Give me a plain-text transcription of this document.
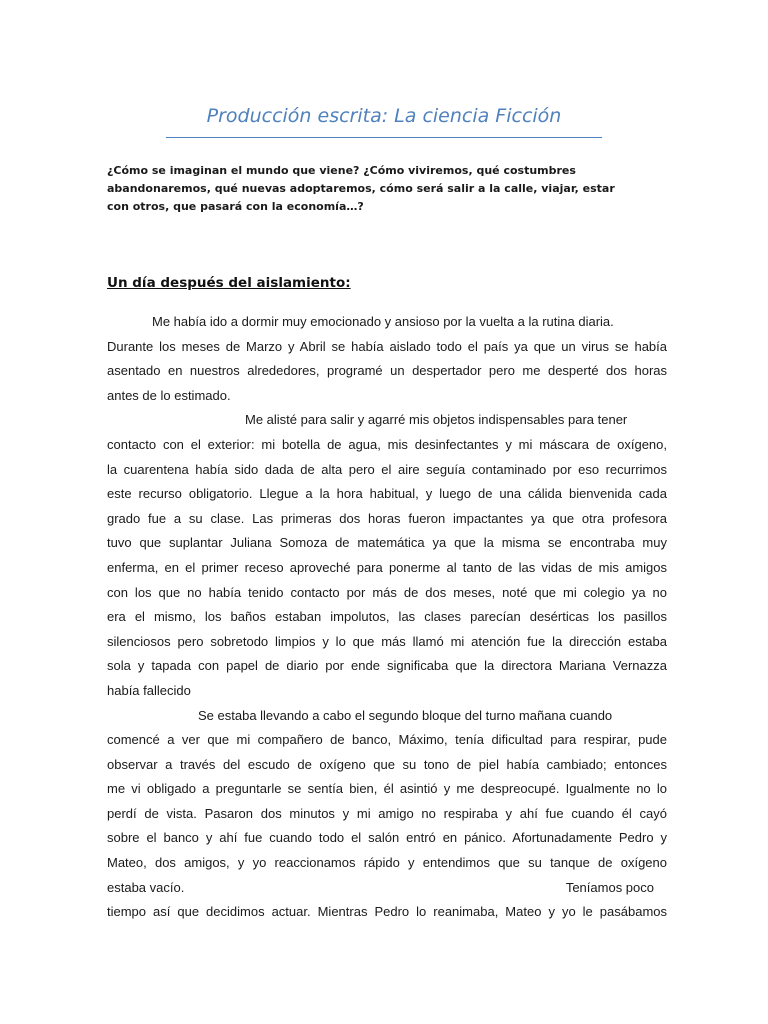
Producción escrita: La ciencia Ficción
¿Cómo se imaginan el mundo que viene? ¿Cómo viviremos, qué costumbres abandonaremos, qué nuevas adoptaremos, cómo será salir a la calle, viajar, estar con otros, que pasará con la economía…?
Un día después del aislamiento:
Me había ido a dormir muy emocionado y ansioso por la vuelta a la rutina diaria.
Durante los meses de Marzo y Abril se había aislado todo el país ya que un virus se había
asentado en nuestros alrededores, programé un despertador pero me desperté dos horas
antes de lo estimado.
Me alisté para salir y agarré mis objetos indispensables para tener
contacto con el exterior: mi botella de agua, mis desinfectantes y mi máscara de oxígeno,
la cuarentena había sido dada de alta pero el aire seguía contaminado por eso recurrimos
este recurso obligatorio. Llegue a la hora habitual, y luego de una cálida bienvenida cada
grado fue a su clase. Las primeras dos horas fueron impactantes ya que otra profesora
tuvo que suplantar Juliana Somoza de matemática ya que la misma se encontraba muy
enferma, en el primer receso aproveché para ponerme al tanto de las vidas de mis amigos
con los que no había tenido contacto por más de dos meses, noté que mi colegio ya no
era el mismo, los baños estaban impolutos, las clases parecían desérticas los pasillos
silenciosos pero sobretodo limpios y lo que más llamó mi atención fue la dirección estaba
sola y tapada con papel de diario por ende significaba que la directora Mariana Vernazza
había fallecido
Se estaba llevando a cabo el segundo bloque del turno mañana cuando
comencé a ver que mi compañero de banco, Máximo, tenía dificultad para respirar, pude
observar a través del escudo de oxígeno que su tono de piel había cambiado; entonces
me vi obligado a preguntarle se sentía bien, él asintió y me despreocupé. Igualmente no lo
perdí de vista. Pasaron dos minutos y mi amigo no respiraba y ahí fue cuando él cayó
sobre el banco y ahí fue cuando todo el salón entró en pánico. Afortunadamente Pedro y
Mateo, dos amigos, y yo reaccionamos rápido y entendimos que su tanque de oxígeno
estaba vacío.	Teníamos poco
tiempo así que decidimos actuar. Mientras Pedro lo reanimaba, Mateo y yo le pasábamos
